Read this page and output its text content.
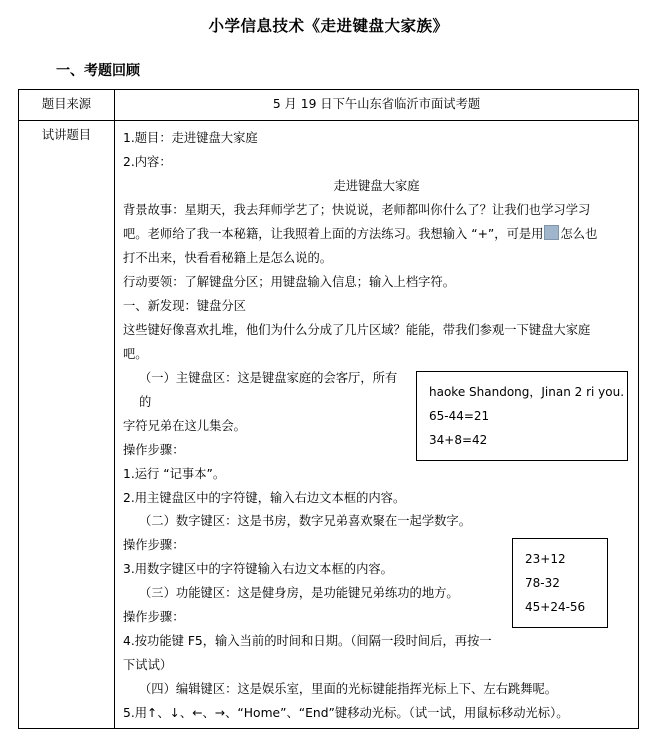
小学信息技术《走进键盘大家族》
一、考题回顾
题目来源	5 月 19 日下午山东省临沂市面试考题
试讲题目	1.题目：走进键盘大家庭
2.内容：
走进键盘大家庭
背景故事：星期天，我去拜师学艺了；快说说，老师都叫你什么了？让我们也学习学习
吧。老师给了我一本秘籍，让我照着上面的方法练习。我想输入 “+”，可是用 怎么也
打不出来，快看看秘籍上是怎么说的。
行动要领：了解键盘分区；用键盘输入信息；输入上档字符。
一、新发现：键盘分区
这些键好像喜欢扎堆，他们为什么分成了几片区域？能能，带我们参观一下键盘大家庭
吧。
haoke Shandong，Jinan 2 ri you.
65-44=21
34+8=42
（一）主键盘区：这是键盘家庭的会客厅，所有的
字符兄弟在这儿集会。
操作步骤：
1.运行 “记事本”。
2.用主键盘区中的字符键，输入右边文本框的内容。
（二）数字键区：这是书房，数字兄弟喜欢聚在一起学数字。
23+12
78-32
45+24-56
操作步骤：
3.用数字键区中的字符键输入右边文本框的内容。
（三）功能键区：这是健身房，是功能键兄弟练功的地方。
操作步骤：
4.按功能键 F5，输入当前的时间和日期。（间隔一段时间后，再按一下试试）
（四）编辑键区：这是娱乐室，里面的光标键能指挥光标上下、左右跳舞呢。
5.用↑、↓、←、→、“Home”、“End”键移动光标。（试一试，用鼠标移动光标）。
